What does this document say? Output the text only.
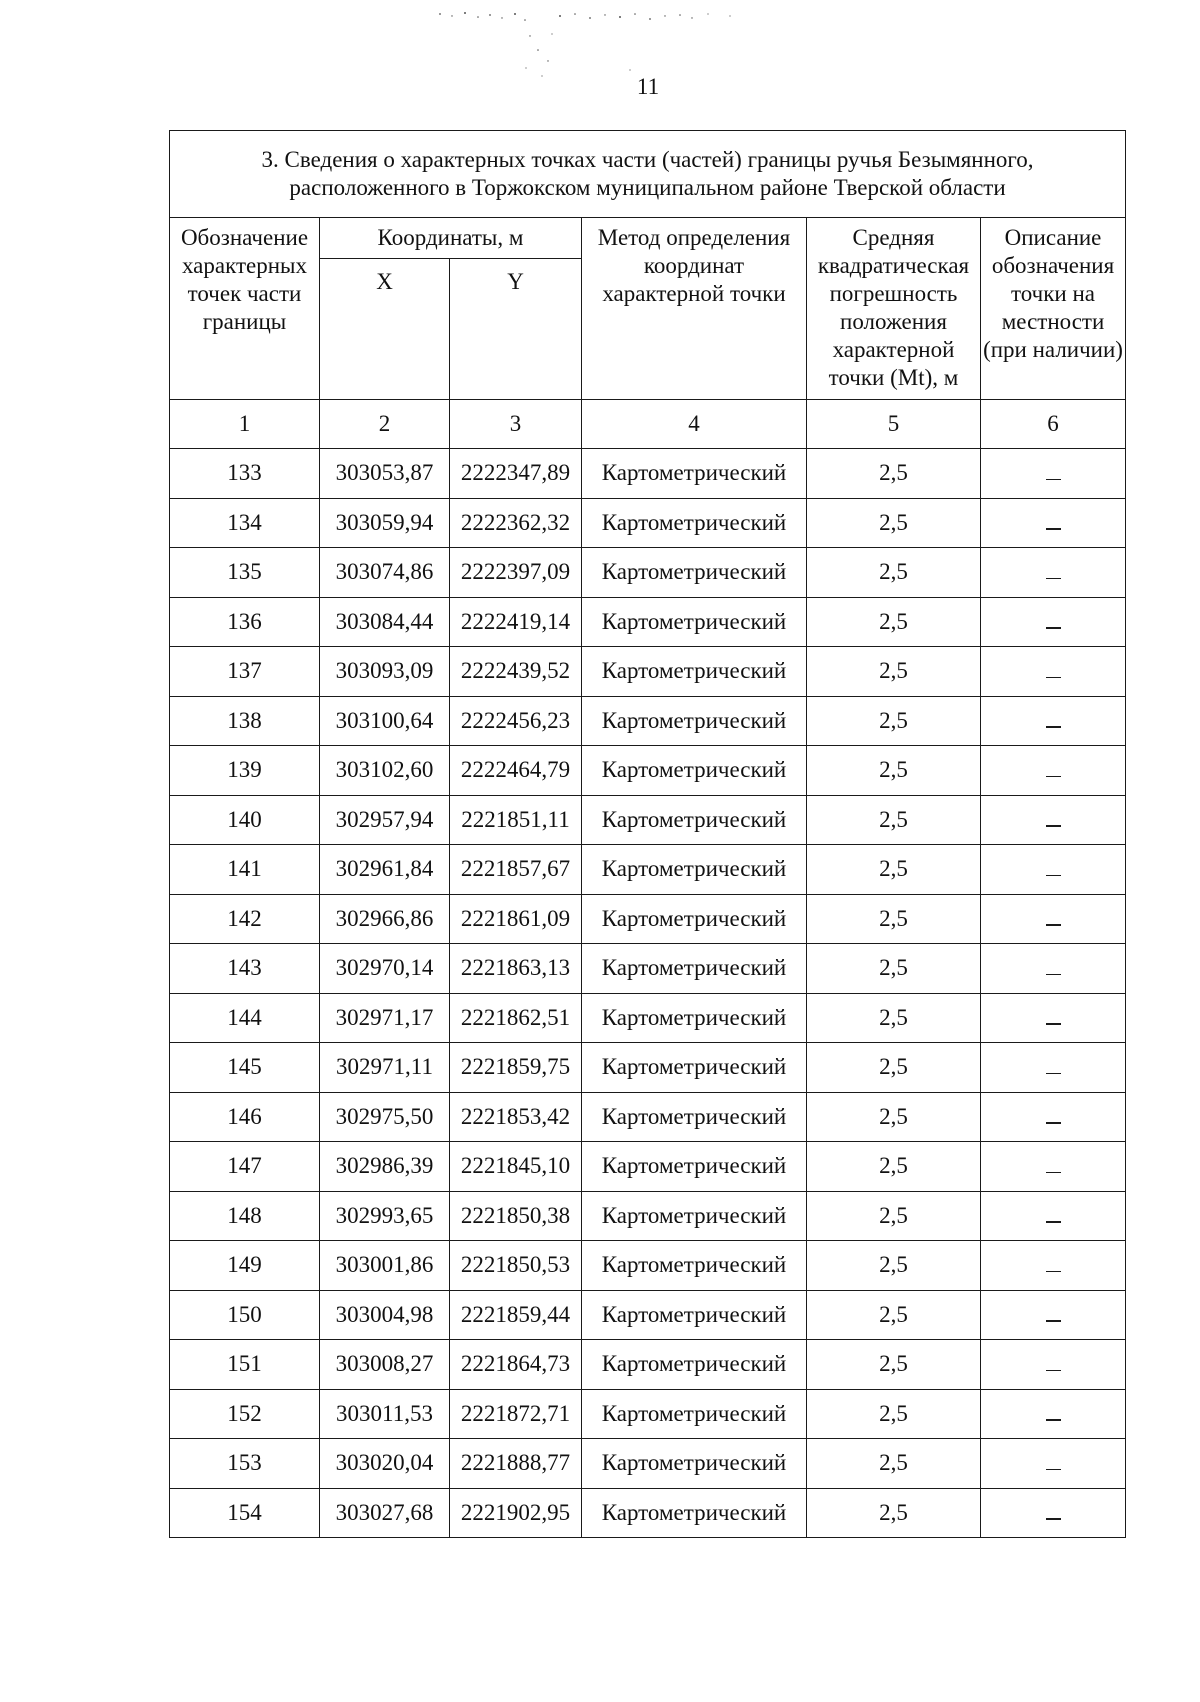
11
3. Сведения о характерных точках части (частей) границы ручья Безымянного, расположенного в Торжокском муниципальном районе Тверской области					
Обозначение характерных точек части границы	Координаты, м		Метод определения координат характерной точки	Средняя квадратическая погрешность положения характерной точки (Mt), м	Описание обозначения точки на местности (при наличии)
	X	Y			
1	2	3	4	5	6
133	303053,87	2222347,89	Картометрический	2,5	
134	303059,94	2222362,32	Картометрический	2,5	
135	303074,86	2222397,09	Картометрический	2,5	
136	303084,44	2222419,14	Картометрический	2,5	
137	303093,09	2222439,52	Картометрический	2,5	
138	303100,64	2222456,23	Картометрический	2,5	
139	303102,60	2222464,79	Картометрический	2,5	
140	302957,94	2221851,11	Картометрический	2,5	
141	302961,84	2221857,67	Картометрический	2,5	
142	302966,86	2221861,09	Картометрический	2,5	
143	302970,14	2221863,13	Картометрический	2,5	
144	302971,17	2221862,51	Картометрический	2,5	
145	302971,11	2221859,75	Картометрический	2,5	
146	302975,50	2221853,42	Картометрический	2,5	
147	302986,39	2221845,10	Картометрический	2,5	
148	302993,65	2221850,38	Картометрический	2,5	
149	303001,86	2221850,53	Картометрический	2,5	
150	303004,98	2221859,44	Картометрический	2,5	
151	303008,27	2221864,73	Картометрический	2,5	
152	303011,53	2221872,71	Картометрический	2,5	
153	303020,04	2221888,77	Картометрический	2,5	
154	303027,68	2221902,95	Картометрический	2,5	
